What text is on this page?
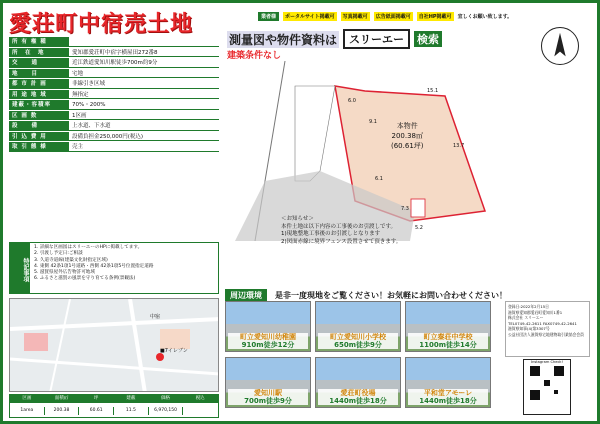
愛荘町中宿売土地	業者様	ポータルサイト掲載可	写真掲載可	広告紙面掲載可	自社HP掲載可	宜しくお願い致します。
所 有 権 種
所　在　地	愛知郡愛荘町中宿字横屋田272番8
交　　通	近江鉄道愛知川駅徒歩700m約9分
地　　目	宅地
都 市 計 画	非線引き区域
用 途 地 域	無指定
建蔽・容積率	70%・200%
区 画 数	1区画
設　　備	上水道、下水道
引 込 費 用	設備負担金250,000円(税込)
取 引 態 様	売主
特記事項
1. 詳細な区画図はスリーエーのHPに掲載してます。
2. 引渡し予定日:ご相談
3. 久道寺道線(建築文化財指定区域)
4. 東側 42条1項1号道路・西側 42条1項5号位置指定道路
5. 滋賀県屋外広告物許可地域
6. ふるさと滋賀の風景を守り育てる条例(景観法)
中宿
■7イレブン
区画	面積㎡	坪	建蔽	価格	税込
1area	200.38	60.61	11.5	6,970,150
測量図や物件資料は	スリーエー	検索
建築条件なし
15.1
6.0
9.1
13.7
6.1
7.3
5.2
本物件
200.38㎡
(60.61坪)
＜お知らせ＞
本件土地は以下内容の工事後のお引渡しです。
1)現地整地工事後のお引渡しとなります
2)図面赤線に境界フェンス設置させて頂きます。
周辺環境	是非一度現地をご覧ください！お気軽にお問い合わせください！
町立愛知川幼稚園
910m徒歩12分
町立愛知川小学校
650m徒歩9分
町立秦荘中学校
1100m徒歩14分
愛知川駅
700m徒歩9分
愛荘町役場
1440m徒歩18分
平和堂アモーレ
1440m徒歩18分
登録日:2022年2月15日
滋賀県愛知郡愛荘町愛知川1番1
株式会社 スリーエー
TEL0749-42-2611 FAX0749-42-2641
滋賀県知事(4)第3307号
公益社団法人滋賀県宅地建物取引業協会会員
Instagram Check!
